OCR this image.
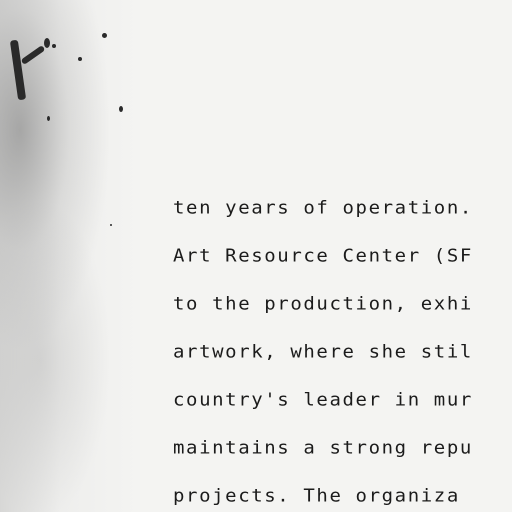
ten years of operation.
Art Resource Center (SF
to the production, exhi
artwork, where she stil
country's leader in mur
maintains a strong repu
projects. The organiza
